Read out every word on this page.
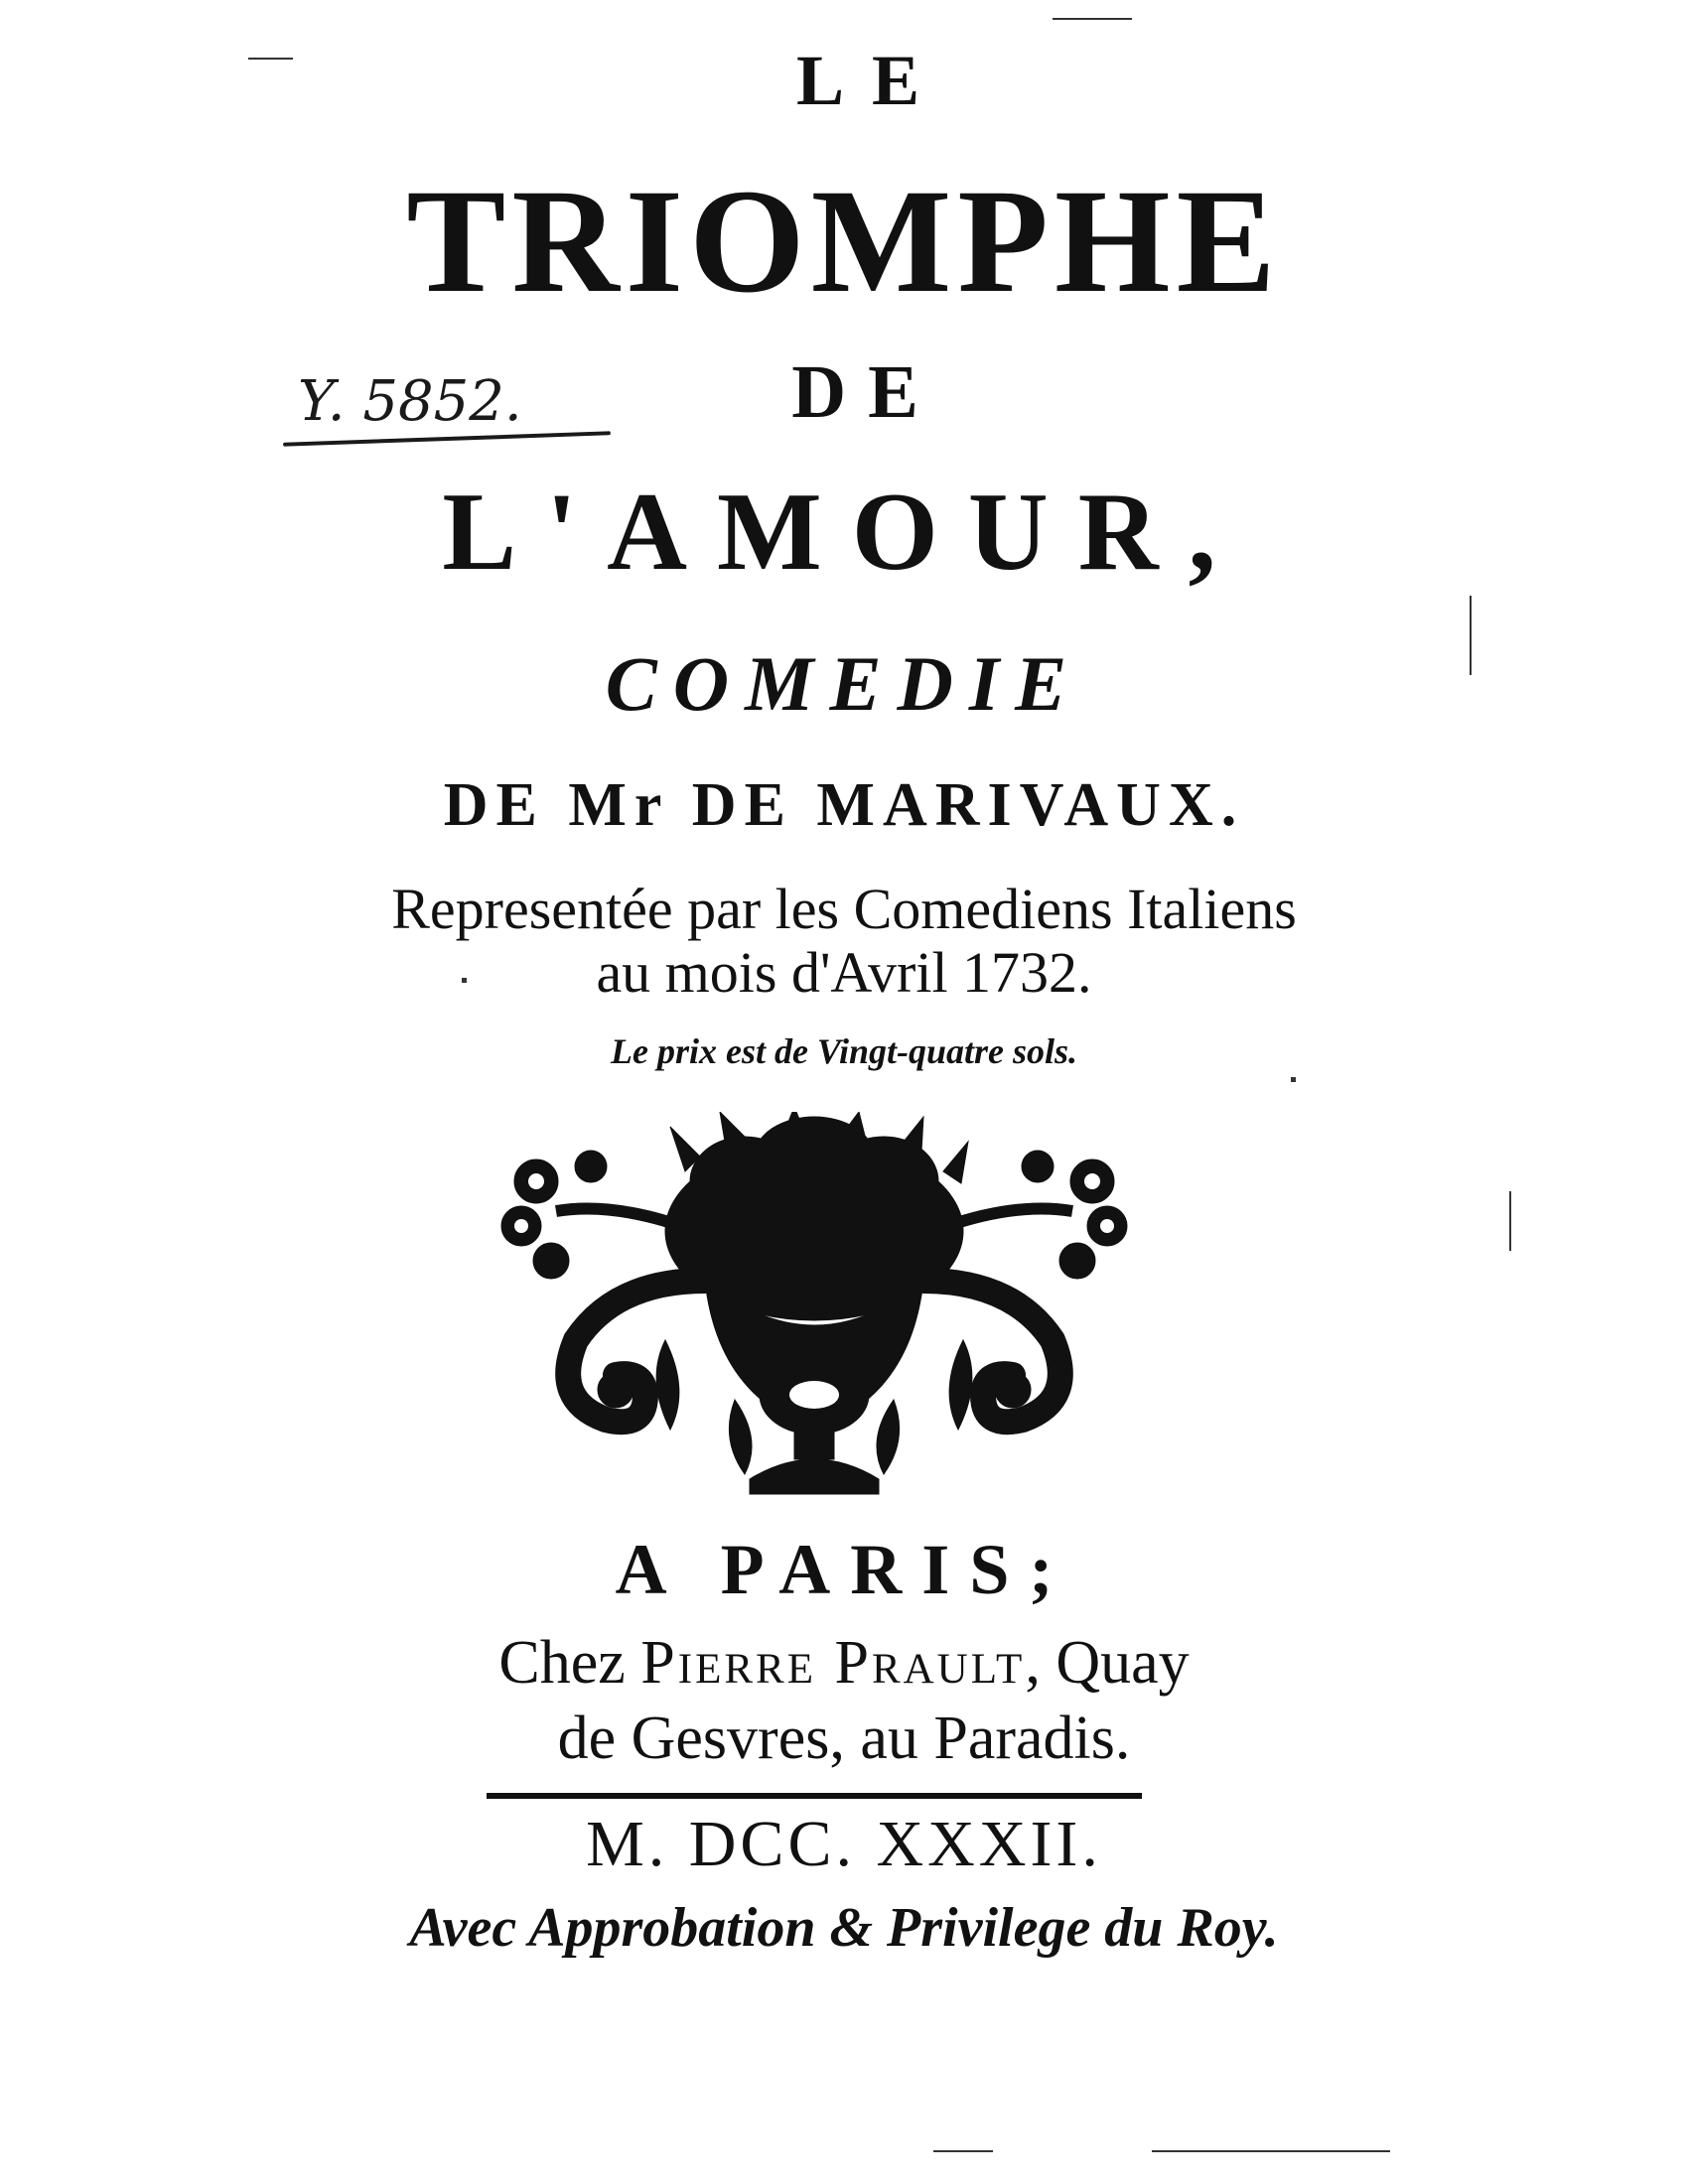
LE
TRIOMPHE
Y. 5852.	DE
L'AMOUR,
COMEDIE
DE Mr DE MARIVAUX.
Representée par les Comediens Italiens
au mois d'Avril 1732.
Le prix est de Vingt-quatre sols.
A PARIS;
Chez Pierre Prault, Quay
de Gesvres, au Paradis.
M. DCC. XXXII.
Avec Approbation & Privilege du Roy.
